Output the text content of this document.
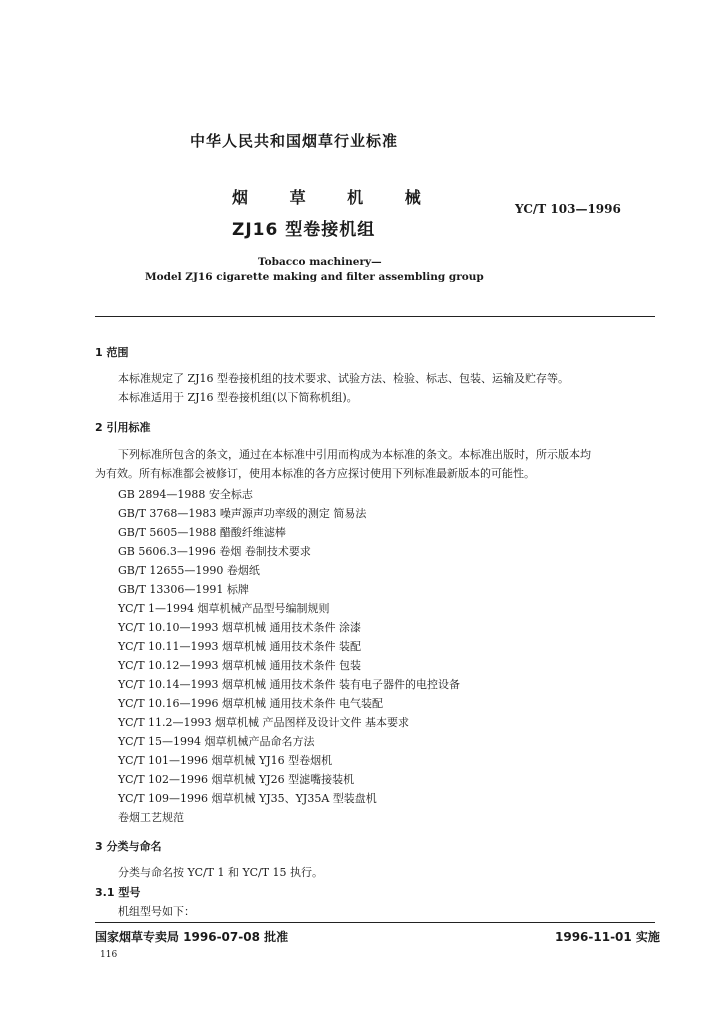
中华人民共和国烟草行业标准
烟 草 机 械
ZJ16 型卷接机组
YC/T 103—1996
Tobacco machinery—
Model ZJ16 cigarette making and filter assembling group
1 范围
本标准规定了 ZJ16 型卷接机组的技术要求、试验方法、检验、标志、包装、运输及贮存等。
本标准适用于 ZJ16 型卷接机组(以下简称机组)。
2 引用标准
下列标准所包含的条文，通过在本标准中引用而构成为本标准的条文。本标准出版时，所示版本均
为有效。所有标准都会被修订，使用本标准的各方应探讨使用下列标准最新版本的可能性。
GB 2894—1988 安全标志
GB/T 3768—1983 噪声源声功率级的测定 简易法
GB/T 5605—1988 醋酸纤维滤棒
GB 5606.3—1996 卷烟 卷制技术要求
GB/T 12655—1990 卷烟纸
GB/T 13306—1991 标牌
YC/T 1—1994 烟草机械产品型号编制规则
YC/T 10.10—1993 烟草机械 通用技术条件 涂漆
YC/T 10.11—1993 烟草机械 通用技术条件 装配
YC/T 10.12—1993 烟草机械 通用技术条件 包装
YC/T 10.14—1993 烟草机械 通用技术条件 装有电子器件的电控设备
YC/T 10.16—1996 烟草机械 通用技术条件 电气装配
YC/T 11.2—1993 烟草机械 产品图样及设计文件 基本要求
YC/T 15—1994 烟草机械产品命名方法
YC/T 101—1996 烟草机械 YJ16 型卷烟机
YC/T 102—1996 烟草机械 YJ26 型滤嘴接装机
YC/T 109—1996 烟草机械 YJ35、YJ35A 型装盘机
卷烟工艺规范
3 分类与命名
分类与命名按 YC/T 1 和 YC/T 15 执行。
3.1 型号
机组型号如下：
国家烟草专卖局 1996-07-08 批准	1996-11-01 实施
116
